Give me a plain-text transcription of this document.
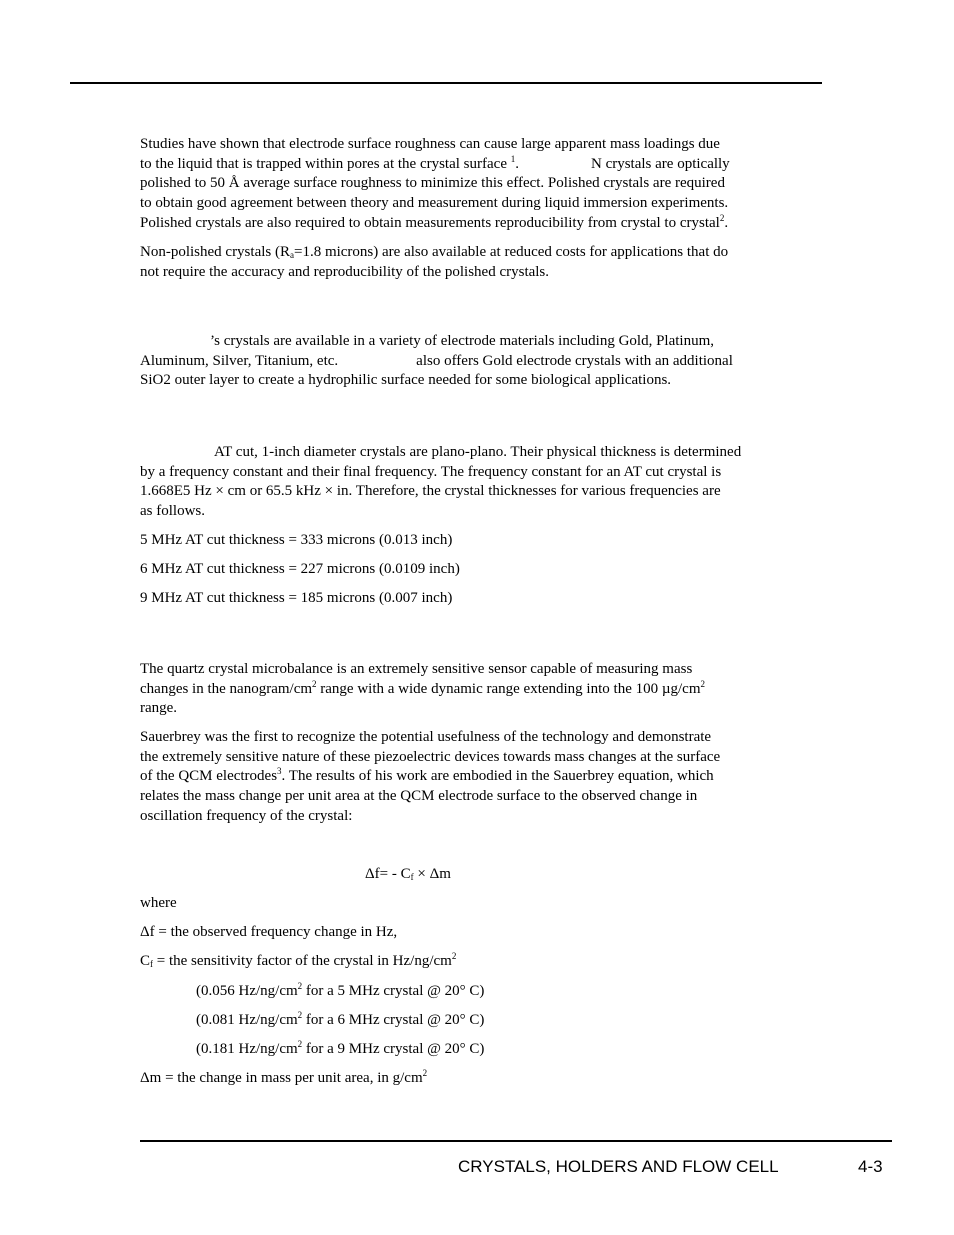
Studies have shown that electrode surface roughness can cause large apparent mass loadings due

to the liquid that is trapped within pores at the crystal surface $^1$.	N crystals are optically

polished to 50 Å average surface roughness to minimize this effect. Polished crystals are required

to obtain good agreement between theory and measurement during liquid immersion experiments.

Polished crystals are also required to obtain measurements reproducibility from crystal to crystal$^2$.

Non-polished crystals ($R_a=1.8$ microns) are also available at reduced costs for applications that do

not require the accuracy and reproducibility of the polished crystals.

’s crystals are available in a variety of electrode materials including Gold, Platinum,

Aluminum, Silver, Titanium, etc.	also offers Gold electrode crystals with an additional

SiO2 outer layer to create a hydrophilic surface needed for some biological applications.

AT cut, 1-inch diameter crystals are plano-plano. Their physical thickness is determined

by a frequency constant and their final frequency. The frequency constant for an AT cut crystal is

1.668E5 Hz × cm or 65.5 kHz × in. Therefore, the crystal thicknesses for various frequencies are

as follows.

5 MHz AT cut thickness = 333 microns (0.013 inch)
6 MHz AT cut thickness = 227 microns (0.0109 inch)
9 MHz AT cut thickness = 185 microns (0.007 inch)

The quartz crystal microbalance is an extremely sensitive sensor capable of measuring mass

changes in the nanogram/$cm^2$ range with a wide dynamic range extending into the 100 $\mu g/cm^2$

range.

Sauerbrey was the first to recognize the potential usefulness of the technology and demonstrate

the extremely sensitive nature of these piezoelectric devices towards mass changes at the surface

of the QCM electrodes$^3$. The results of his work are embodied in the Sauerbrey equation, which

relates the mass change per unit area at the QCM electrode surface to the observed change in

oscillation frequency of the crystal:

$\Delta f= - C_f \times \Delta m$
where
Δf = the observed frequency change in Hz,
$C_f$ = the sensitivity factor of the crystal in $Hz/ng/cm^2$
(0.056 $Hz/ng/cm^2$ for a 5 MHz crystal @ 20° C)
(0.081 $Hz/ng/cm^2$ for a 6 MHz crystal @ 20° C)
(0.181 $Hz/ng/cm^2$ for a 9 MHz crystal @ 20° C)
Δm = the change in mass per unit area, in $g/cm^2$
CRYSTALS, HOLDERS AND FLOW CELL	4-3
